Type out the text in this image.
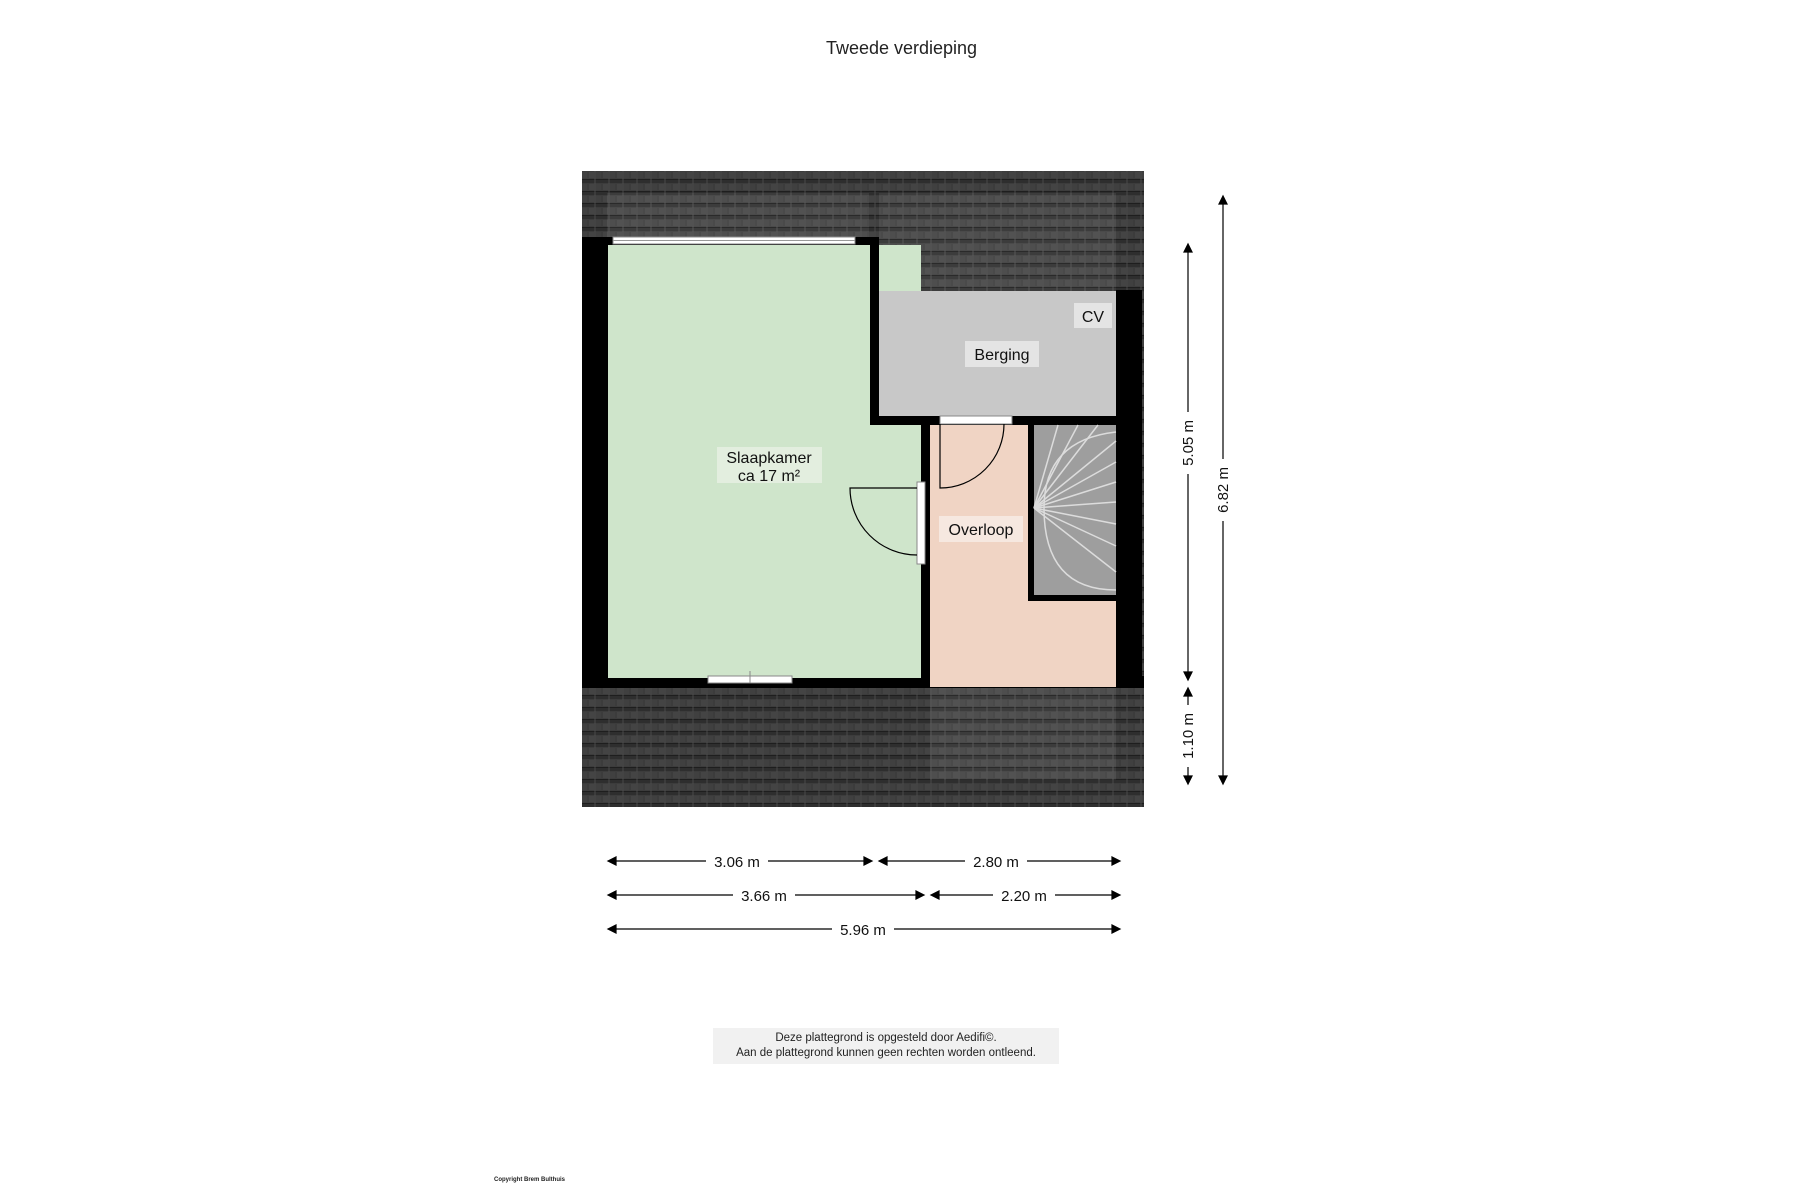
Tweede verdieping
Slaapkamer
ca 17 m²
Berging
CV
Overloop
3.06 m	2.80 m
3.66 m	2.20 m
5.96 m
5.05 m
1.10 m
6.82 m
Deze plattegrond is opgesteld door Aedifi©.
Aan de plattegrond kunnen geen rechten worden ontleend.
Copyright Brem Bulthuis
